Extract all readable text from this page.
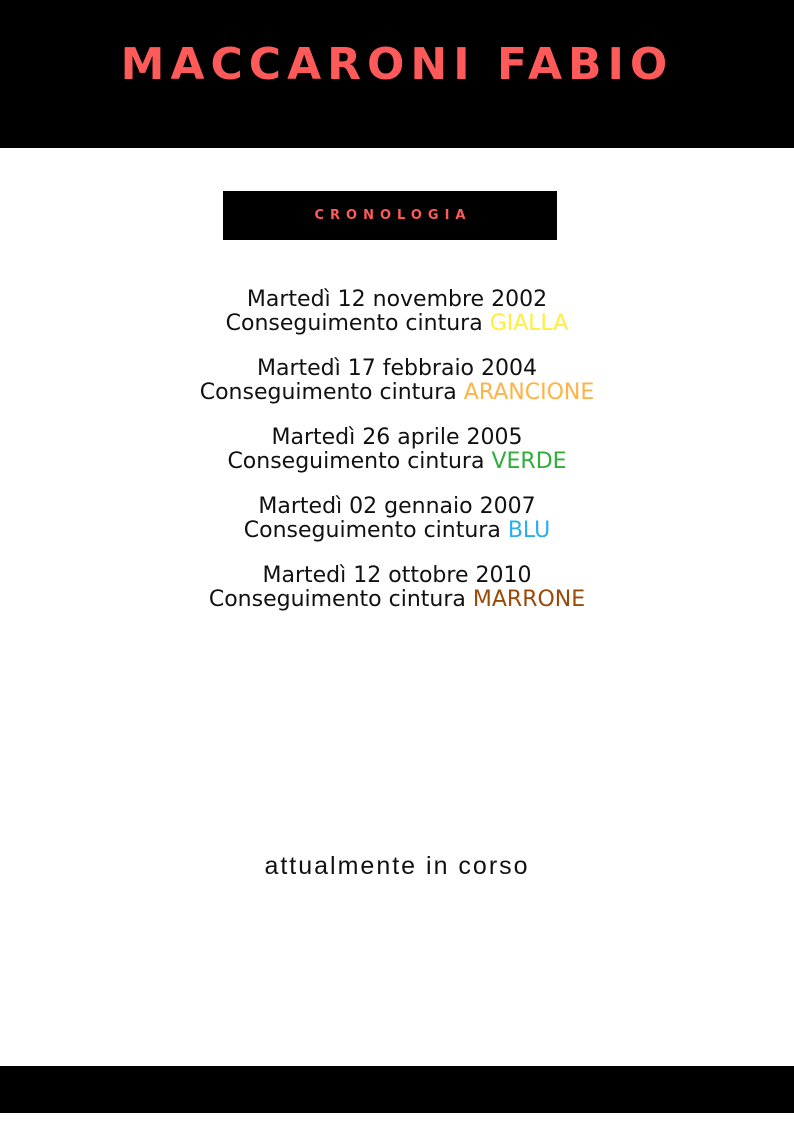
MACCARONI FABIO
CRONOLOGIA
Martedì 12 novembre 2002
Conseguimento cintura GIALLA
Martedì 17 febbraio 2004
Conseguimento cintura ARANCIONE
Martedì 26 aprile 2005
Conseguimento cintura VERDE
Martedì 02 gennaio 2007
Conseguimento cintura BLU
Martedì 12 ottobre 2010
Conseguimento cintura MARRONE
attualmente in corso
